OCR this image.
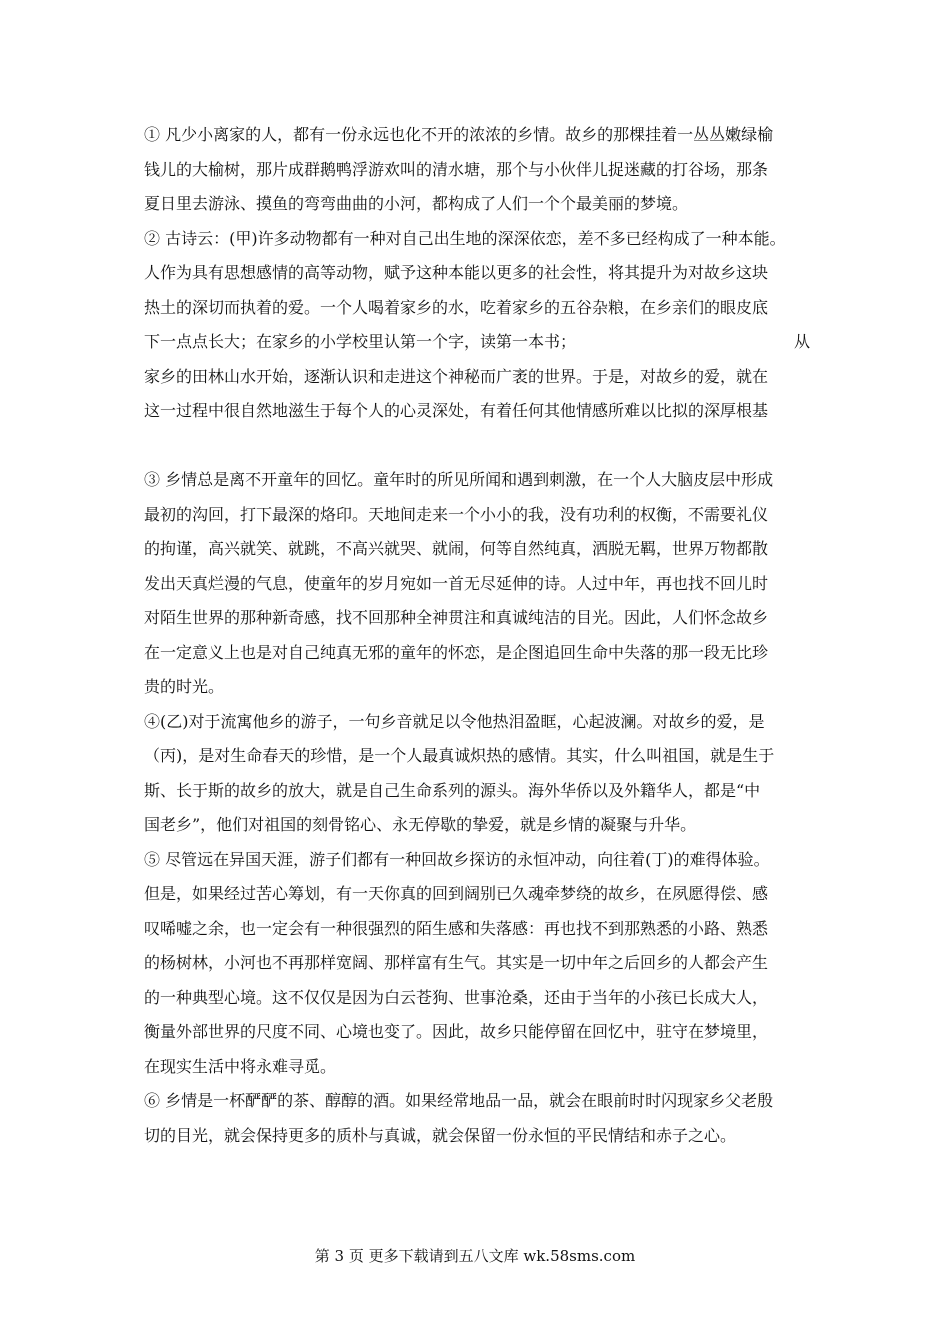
① 凡少小离家的人，都有一份永远也化不开的浓浓的乡情。故乡的那棵挂着一丛丛嫩绿榆
钱儿的大榆树，那片成群鹅鸭浮游欢叫的清水塘，那个与小伙伴儿捉迷藏的打谷场，那条
夏日里去游泳、摸鱼的弯弯曲曲的小河，都构成了人们一个个最美丽的梦境。
② 古诗云：(甲)许多动物都有一种对自己出生地的深深依恋，差不多已经构成了一种本能。
人作为具有思想感情的高等动物，赋予这种本能以更多的社会性，将其提升为对故乡这块
热土的深切而执着的爱。一个人喝着家乡的水，吃着家乡的五谷杂粮，在乡亲们的眼皮底
下一点点长大；在家乡的小学校里认第一个字，读第一本书；	从
家乡的田林山水开始，逐渐认识和走进这个神秘而广袤的世界。于是，对故乡的爱，就在
这一过程中很自然地滋生于每个人的心灵深处，有着任何其他情感所难以比拟的深厚根基
③ 乡情总是离不开童年的回忆。童年时的所见所闻和遇到刺激，在一个人大脑皮层中形成
最初的沟回，打下最深的烙印。天地间走来一个小小的我，没有功利的权衡，不需要礼仪
的拘谨，高兴就笑、就跳，不高兴就哭、就闹，何等自然纯真，洒脱无羁，世界万物都散
发出天真烂漫的气息，使童年的岁月宛如一首无尽延伸的诗。人过中年，再也找不回儿时
对陌生世界的那种新奇感，找不回那种全神贯注和真诚纯洁的目光。因此，人们怀念故乡
在一定意义上也是对自己纯真无邪的童年的怀恋，是企图追回生命中失落的那一段无比珍
贵的时光。
④(乙)对于流寓他乡的游子，一句乡音就足以令他热泪盈眶，心起波澜。对故乡的爱，是
（丙)，是对生命春天的珍惜，是一个人最真诚炽热的感情。其实，什么叫祖国，就是生于
斯、长于斯的故乡的放大，就是自己生命系列的源头。海外华侨以及外籍华人，都是“中
国老乡”，他们对祖国的刻骨铭心、永无停歇的挚爱，就是乡情的凝聚与升华。
⑤ 尽管远在异国天涯，游子们都有一种回故乡探访的永恒冲动，向往着(丁)的难得体验。
但是，如果经过苦心筹划，有一天你真的回到阔别已久魂牵梦绕的故乡，在夙愿得偿、感
叹唏嘘之余，也一定会有一种很强烈的陌生感和失落感：再也找不到那熟悉的小路、熟悉
的杨树林，小河也不再那样宽阔、那样富有生气。其实是一切中年之后回乡的人都会产生
的一种典型心境。这不仅仅是因为白云苍狗、世事沧桑，还由于当年的小孩已长成大人，
衡量外部世界的尺度不同、心境也变了。因此，故乡只能停留在回忆中，驻守在梦境里，
在现实生活中将永难寻觅。
⑥ 乡情是一杯酽酽的茶、醇醇的酒。如果经常地品一品，就会在眼前时时闪现家乡父老殷
切的目光，就会保持更多的质朴与真诚，就会保留一份永恒的平民情结和赤子之心。
第 3 页 更多下载请到五八文库 wk.58sms.com
